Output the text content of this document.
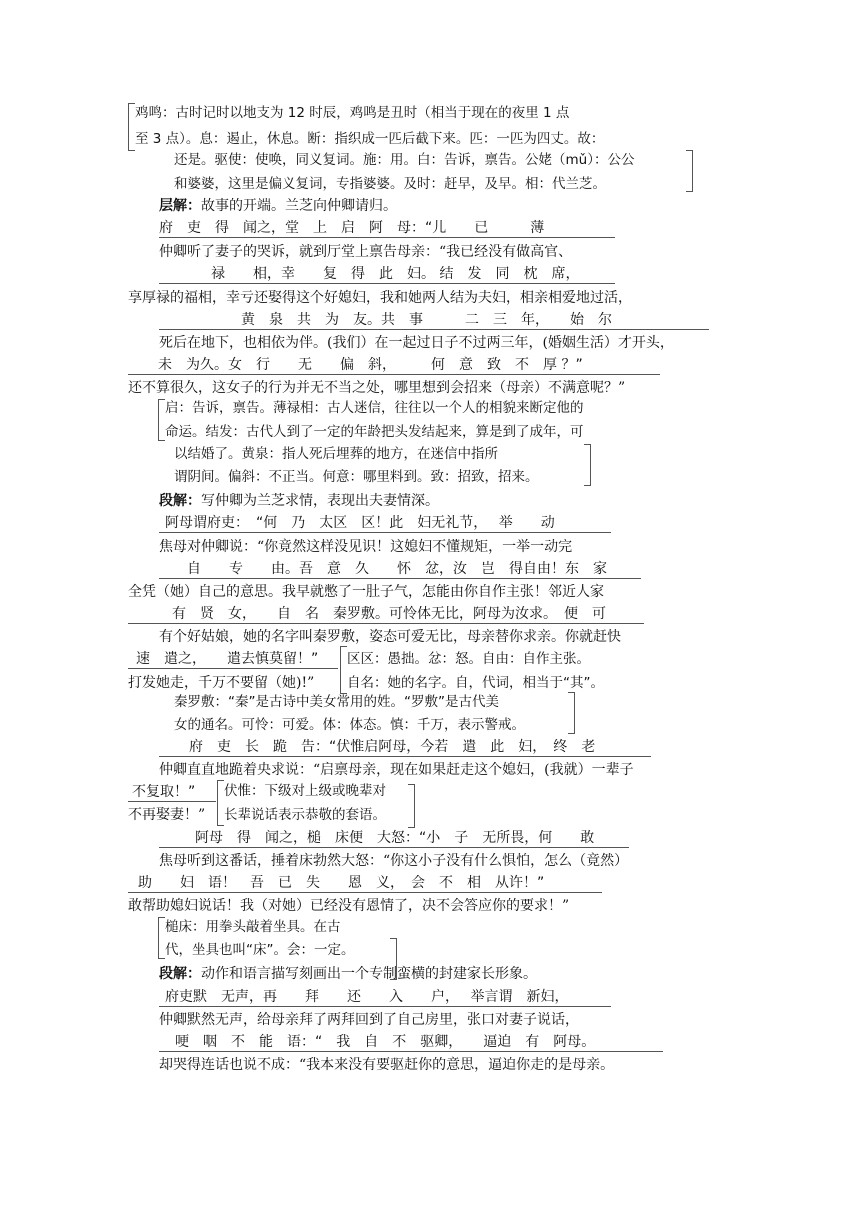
鸡鸣：古时记时以地支为 12 时辰，鸡鸣是丑时（相当于现在的夜里 1 点
至 3 点）。息：遏止，休息。断：指织成一匹后截下来。匹：一匹为四丈。故：
还是。驱使：使唤，同义复词。施：用。白：告诉，禀告。公姥（mǔ）：公公
和婆婆，这里是偏义复词，专指婆婆。及时：赶早，及早。相：代兰芝。
层解：故事的开端。兰芝向仲卿请归。
府　吏　得　闻之，堂　上　启　阿　母：“儿　　已　　　薄
仲卿听了妻子的哭诉，就到厅堂上禀告母亲：“我已经没有做高官、
禄　　相，幸　　复　得　此　妇。 结　发　同　枕　席，
享厚禄的福相，幸亏还娶得这个好媳妇，我和她两人结为夫妇，相亲相爱地过活，
黄　泉　共　为　友。共　事　　　二　三　年，　　始　尔
死后在地下，也相依为伴。(我们）在一起过日子不过两三年，(婚姻生活）才开头，
未　为久。女　行　　无　　偏　斜，　　　何　意　致　不　厚 ？”
还不算很久，这女子的行为并无不当之处，哪里想到会招来（母亲）不满意呢？”
启：告诉，禀告。薄禄相：古人迷信，往往以一个人的相貌来断定他的
命运。结发：古代人到了一定的年龄把头发结起来，算是到了成年，可
以结婚了。黄泉：指人死后埋葬的地方，在迷信中指所
谓阴间。偏斜：不正当。何意：哪里料到。致：招致，招来。
段解：写仲卿为兰芝求情，表现出夫妻情深。
阿母谓府吏：　“何　乃　太区　区！此　妇无礼节，　 举　　动
焦母对仲卿说：“你竟然这样没见识！这媳妇不懂规矩，一举一动完
自　　专　　由。吾　意　久　　怀　忿，汝　岂　得自由！东　家
全凭（她）自己的意思。我早就憋了一肚子气，怎能由你自作主张！邻近人家
有　贤　女，　　自　名　秦罗敷。可怜体无比，阿母为汝求。　便　可
有个好姑娘，她的名字叫秦罗敷，姿态可爱无比，母亲替你求亲。你就赶快
速　遣之，　　遣去慎莫留！”	区区：愚拙。忿：怒。自由：自作主张。
打发她走，千万不要留（她)!” 自名：她的名字。自，代词，相当于“其”。
秦罗敷：“秦”是古诗中美女常用的姓。“罗敷”是古代美
女的通名。可怜：可爱。体：体态。慎：千万，表示警戒。
府　吏　长　跪　告：“伏惟启阿母，今若　遣　此　妇，　终　老
仲卿直直地跪着央求说：“启禀母亲，现在如果赶走这个媳妇，(我就）一辈子
不复取！”	伏惟：下级对上级或晚辈对
不再娶妻！” 长辈说话表示恭敬的套语。
阿母　得　闻之，槌　床便　大怒：“小　子　无所畏，何　　敢
焦母听到这番话，捶着床勃然大怒：“你这小子没有什么惧怕，怎么（竟然）
助　　妇　语！　吾　已　失　　恩　义，　会　不　相　从许！”
敢帮助媳妇说话！我（对她）已经没有恩情了，决不会答应你的要求！”
槌床：用拳头敲着坐具。在古
代，坐具也叫“床”。会：一定。
段解：动作和语言描写刻画出一个专制蛮横的封建家长形象。
府吏默　无声，再　　拜　　还　　入　　户，　 举言谓　新妇，
仲卿默然无声，给母亲拜了两拜回到了自己房里，张口对妻子说话，
哽　咽　不　能　语：“　我　自　不　驱卿，　　逼迫　有　阿母。
却哭得连话也说不成：“我本来没有要驱赶你的意思，逼迫你走的是母亲。
